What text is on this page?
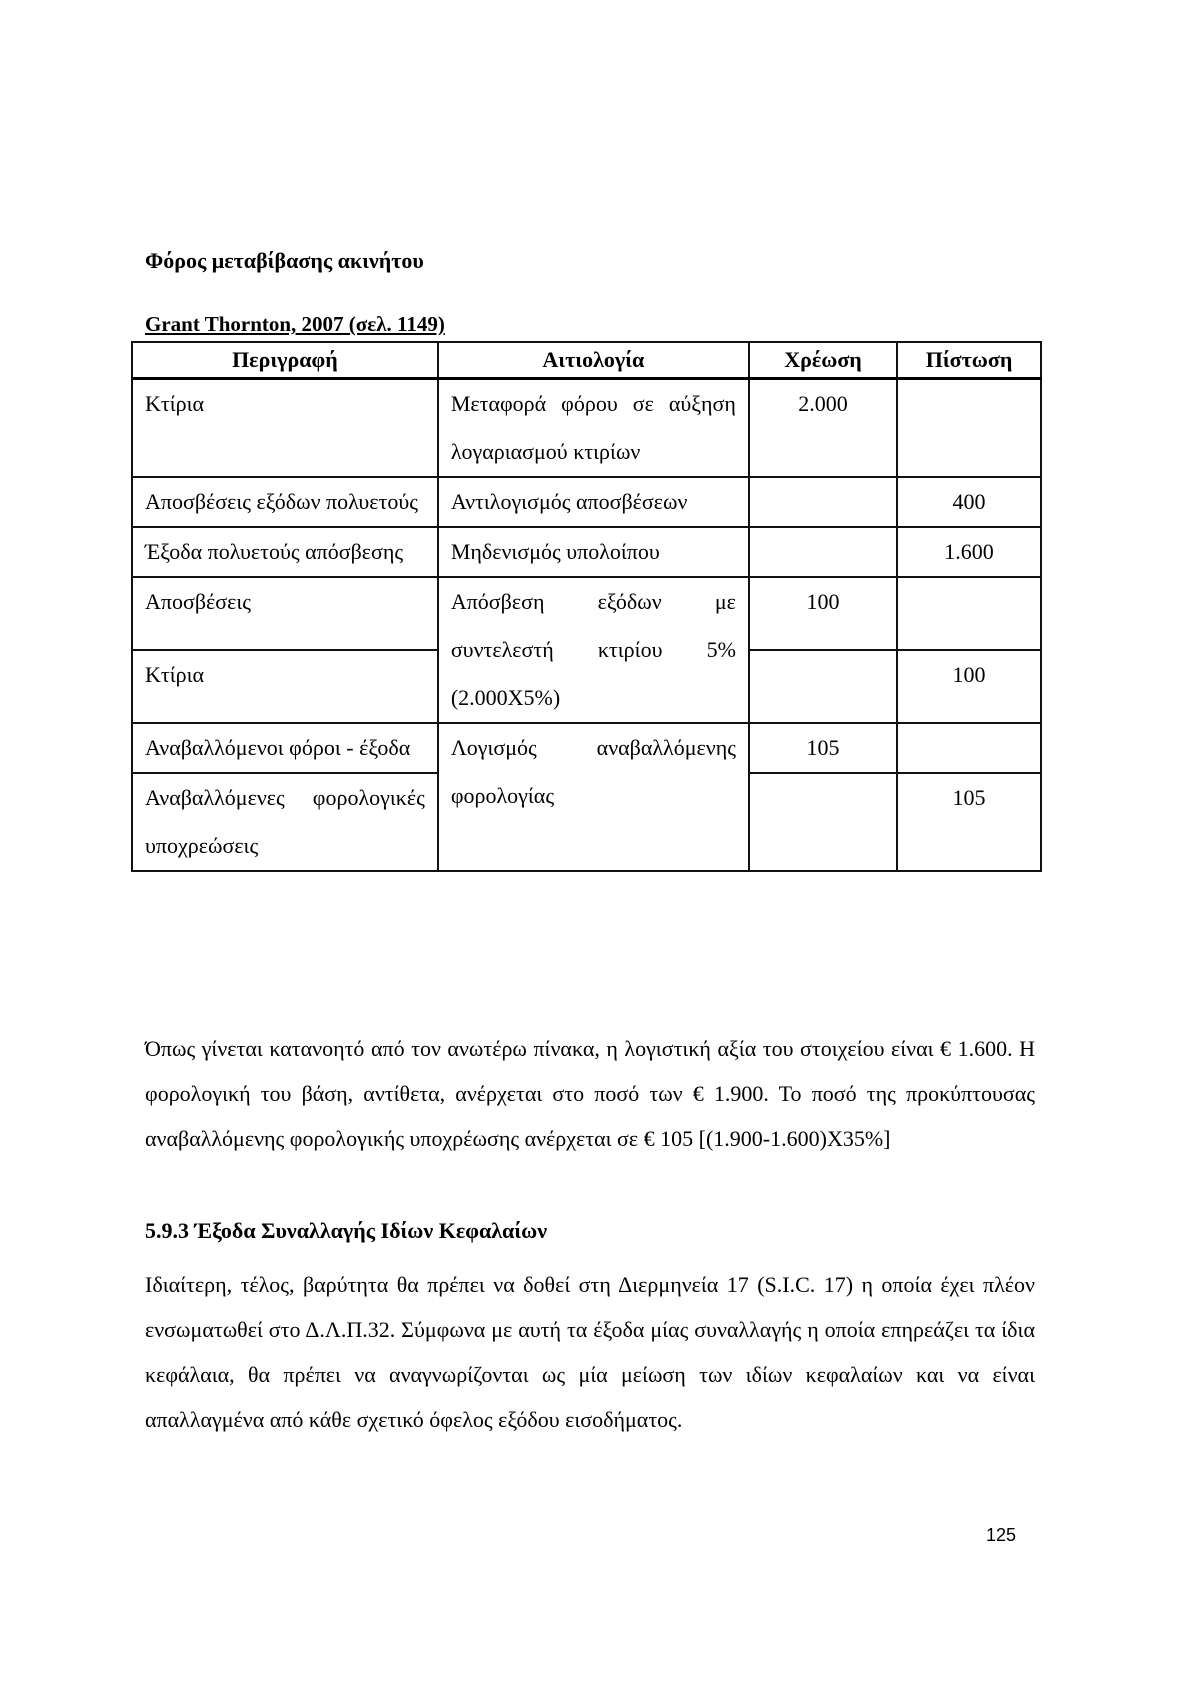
Φόρος μεταβίβασης ακινήτου

Grant Thornton, 2007 (σελ. 1149)

Περιγραφή	Αιτιολογία	Χρέωση	Πίστωση
Κτίρια	Μεταφορά φόρου σε αύξηση λογαριασμού κτιρίων	2.000	
Αποσβέσεις εξόδων πολυετούς	Αντιλογισμός αποσβέσεων		400
Έξοδα πολυετούς απόσβεσης	Μηδενισμός υπολοίπου		1.600
Αποσβέσεις	Απόσβεση εξόδων με συντελεστή κτιρίου 5% (2.000Χ5%)	100	
Κτίρια			100
Αναβαλλόμενοι φόροι - έξοδα	Λογισμός αναβαλλόμενης φορολογίας	105	
Αναβαλλόμενες φορολογικές υποχρεώσεις			105

Όπως γίνεται κατανοητό από τον ανωτέρω πίνακα, η λογιστική αξία του στοιχείου είναι € 1.600. Η φορολογική του βάση, αντίθετα, ανέρχεται στο ποσό των € 1.900. Το ποσό της προκύπτουσας αναβαλλόμενης φορολογικής υποχρέωσης ανέρχεται σε € 105 [(1.900-1.600)Χ35%]

5.9.3 Έξοδα Συναλλαγής Ιδίων Κεφαλαίων

Ιδιαίτερη, τέλος, βαρύτητα θα πρέπει να δοθεί στη Διερμηνεία 17 (S.I.C. 17) η οποία έχει πλέον ενσωματωθεί στο Δ.Λ.Π.32. Σύμφωνα με αυτή τα έξοδα μίας συναλλαγής η οποία επηρεάζει τα ίδια κεφάλαια, θα πρέπει να αναγνωρίζονται ως μία μείωση των ιδίων κεφαλαίων και να είναι απαλλαγμένα από κάθε σχετικό όφελος εξόδου εισοδήματος.

125
